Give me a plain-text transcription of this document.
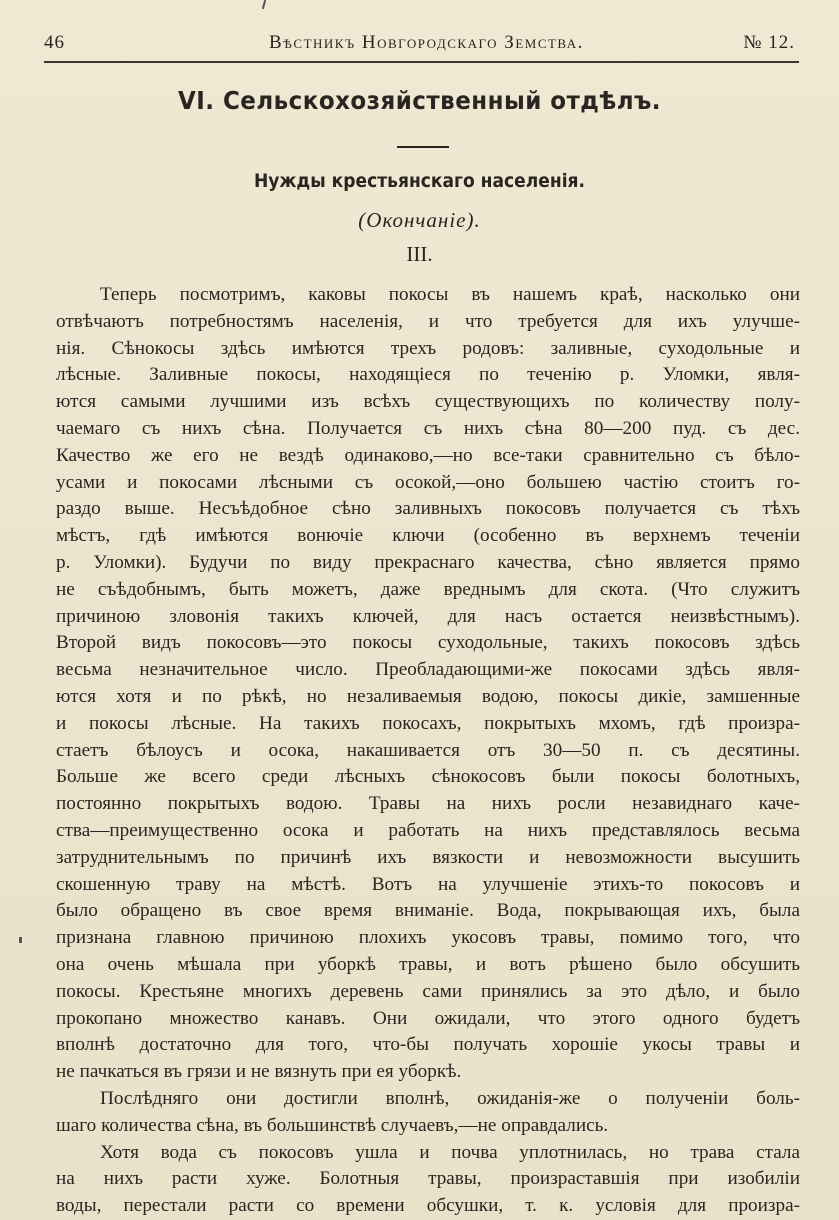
46	Вѣстникъ Новгородскаго Земства.	№ 12.
VI. Сельскохозяйственный отдѣлъ.
Нужды крестьянскаго населенія.
(Окончаніе).
III.
Теперь посмотримъ, каковы покосы въ нашемъ краѣ, насколько они
отвѣчаютъ потребностямъ населенія, и что требуется для ихъ улучше-
нія. Сѣнокосы здѣсь имѣются трехъ родовъ: заливные, суходольные и
лѣсные. Заливные покосы, находящіеся по теченію р. Уломки, явля-
ются самыми лучшими изъ всѣхъ существующихъ по количеству полу-
чаемаго съ нихъ сѣна. Получается съ нихъ сѣна 80—200 пуд. съ дес.
Качество же его не вездѣ одинаково,—но все-таки сравнительно съ бѣло-
усами и покосами лѣсными съ осокой,—оно большею частію стоитъ го-
раздо выше. Несъѣдобное сѣно заливныхъ покосовъ получается съ тѣхъ
мѣстъ, гдѣ имѣются вонючіе ключи (особенно въ верхнемъ теченіи
р. Уломки). Будучи по виду прекраснаго качества, сѣно является прямо
не съѣдобнымъ, быть можетъ, даже вреднымъ для скота. (Что служитъ
причиною зловонія такихъ ключей, для насъ остается неизвѣстнымъ).
Второй видъ покосовъ—это покосы суходольные, такихъ покосовъ здѣсь
весьма незначительное число. Преобладающими-же покосами здѣсь явля-
ются хотя и по рѣкѣ, но незаливаемыя водою, покосы дикіе, замшенные
и покосы лѣсные. На такихъ покосахъ, покрытыхъ мхомъ, гдѣ произра-
стаетъ бѣлоусъ и осока, накашивается отъ 30—50 п. съ десятины.
Больше же всего среди лѣсныхъ сѣнокосовъ были покосы болотныхъ,
постоянно покрытыхъ водою. Травы на нихъ росли незавиднаго каче-
ства—преимущественно осока и работать на нихъ представлялось весьма
затруднительнымъ по причинѣ ихъ вязкости и невозможности высушить
скошенную траву на мѣстѣ. Вотъ на улучшеніе этихъ-то покосовъ и
было обращено въ свое время вниманіе. Вода, покрывающая ихъ, была
признана главною причиною плохихъ укосовъ травы, помимо того, что
она очень мѣшала при уборкѣ травы, и вотъ рѣшено было обсушить
покосы. Крестьяне многихъ деревень сами принялись за это дѣло, и было
прокопано множество канавъ. Они ожидали, что этого одного будетъ
вполнѣ достаточно для того, что-бы получать хорошіе укосы травы и
не пачкаться въ грязи и не вязнуть при ея уборкѣ.
Послѣдняго они достигли вполнѣ, ожиданія-же о полученіи боль-
шаго количества сѣна, въ большинствѣ случаевъ,—не оправдались.
Хотя вода съ покосовъ ушла и почва уплотнилась, но трава стала
на нихъ расти хуже. Болотныя травы, произраставшія при изобиліи
воды, перестали расти со времени обсушки, т. к. условія для произра-
